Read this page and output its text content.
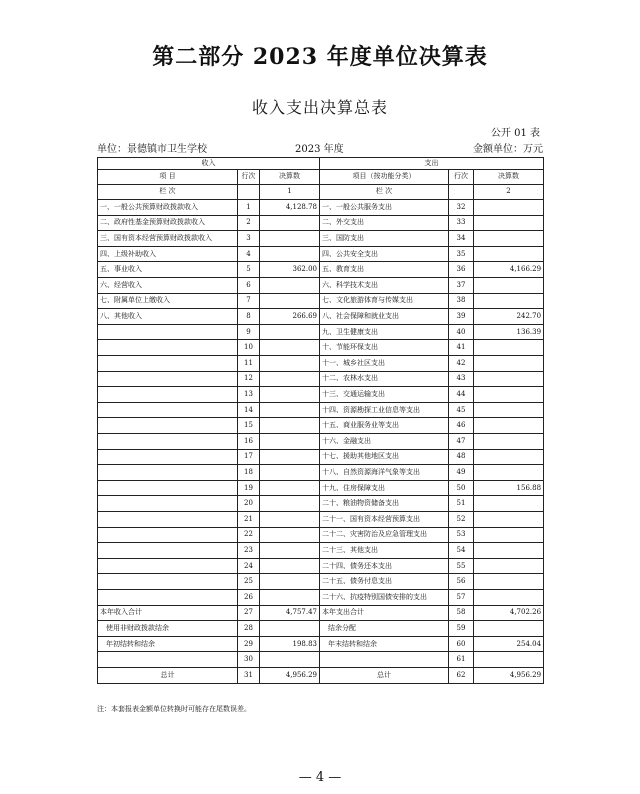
第二部分 2023 年度单位决算表
收入支出决算总表
公开 01 表
单位：景德镇市卫生学校	2023 年度	金额单位：万元
收入			支出		
项 目	行次	决算数	项目（按功能分类）	行次	决算数
栏 次		1	栏 次		2
一、一般公共预算财政拨款收入	1	4,128.78	一、一般公共服务支出	32	
二、政府性基金预算财政拨款收入	2		二、外交支出	33	
三、国有资本经营预算财政拨款收入	3		三、国防支出	34	
四、上级补助收入	4		四、公共安全支出	35	
五、事业收入	5	362.00	五、教育支出	36	4,166.29
六、经营收入	6		六、科学技术支出	37	
七、附属单位上缴收入	7		七、文化旅游体育与传媒支出	38	
八、其他收入	8	266.69	八、社会保障和就业支出	39	242.70
	9		九、卫生健康支出	40	136.39
	10		十、节能环保支出	41	
	11		十一、城乡社区支出	42	
	12		十二、农林水支出	43	
	13		十三、交通运输支出	44	
	14		十四、资源勘探工业信息等支出	45	
	15		十五、商业服务业等支出	46	
	16		十六、金融支出	47	
	17		十七、援助其他地区支出	48	
	18		十八、自然资源海洋气象等支出	49	
	19		十九、住房保障支出	50	156.88
	20		二十、粮油物资储备支出	51	
	21		二十一、国有资本经营预算支出	52	
	22		二十二、灾害防治及应急管理支出	53	
	23		二十三、其他支出	54	
	24		二十四、债务还本支出	55	
	25		二十五、债务付息支出	56	
	26		二十六、抗疫特别国债安排的支出	57	
本年收入合计	27	4,757.47	本年支出合计	58	4,702.26
使用非财政拨款结余	28		结余分配	59	
年初结转和结余	29	198.83	年末结转和结余	60	254.04
	30			61	
总计	31	4,956.29	总计	62	4,956.29
注：本套报表金额单位转换时可能存在尾数误差。
— 4 —
